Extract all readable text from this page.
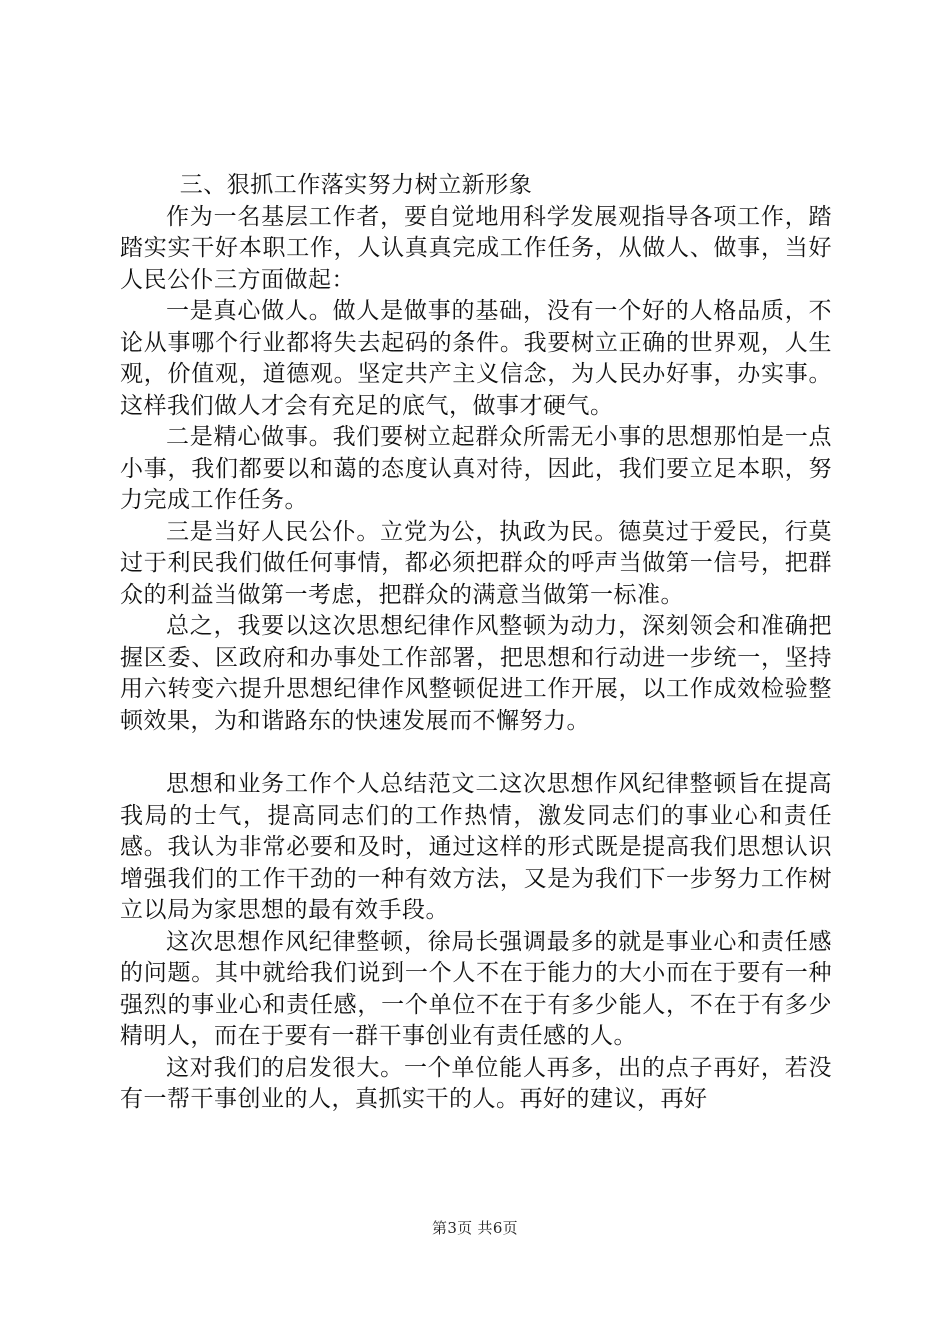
三、狠抓工作落实努力树立新形象

作为一名基层工作者，要自觉地用科学发展观指导各项工作，踏踏实实干好本职工作，人认真真完成工作任务，从做人、做事，当好人民公仆三方面做起：

一是真心做人。做人是做事的基础，没有一个好的人格品质，不论从事哪个行业都将失去起码的条件。我要树立正确的世界观，人生观，价值观，道德观。坚定共产主义信念，为人民办好事，办实事。这样我们做人才会有充足的底气，做事才硬气。

二是精心做事。我们要树立起群众所需无小事的思想那怕是一点小事，我们都要以和蔼的态度认真对待，因此，我们要立足本职，努力完成工作任务。

三是当好人民公仆。立党为公，执政为民。德莫过于爱民，行莫过于利民我们做任何事情，都必须把群众的呼声当做第一信号，把群众的利益当做第一考虑，把群众的满意当做第一标准。

总之，我要以这次思想纪律作风整顿为动力，深刻领会和准确把握区委、区政府和办事处工作部署，把思想和行动进一步统一，坚持用六转变六提升思想纪律作风整顿促进工作开展，以工作成效检验整顿效果，为和谐路东的快速发展而不懈努力。

思想和业务工作个人总结范文二这次思想作风纪律整顿旨在提高我局的士气，提高同志们的工作热情，激发同志们的事业心和责任感。我认为非常必要和及时，通过这样的形式既是提高我们思想认识增强我们的工作干劲的一种有效方法，又是为我们下一步努力工作树立以局为家思想的最有效手段。

这次思想作风纪律整顿，徐局长强调最多的就是事业心和责任感的问题。其中就给我们说到一个人不在于能力的大小而在于要有一种强烈的事业心和责任感，一个单位不在于有多少能人，不在于有多少精明人，而在于要有一群干事创业有责任感的人。

这对我们的启发很大。一个单位能人再多，出的点子再好，若没有一帮干事创业的人，真抓实干的人。再好的建议，再好

第3页 共6页
